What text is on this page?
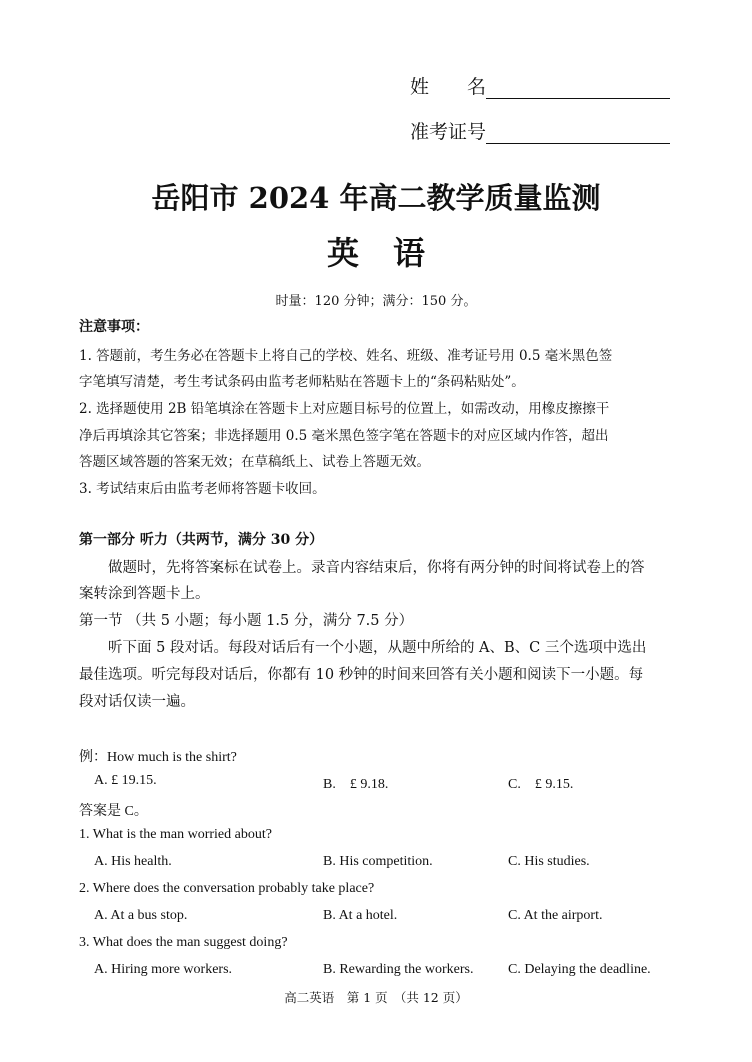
姓　　名
准考证号
岳阳市 2024 年高二教学质量监测
英语
时量：120 分钟；满分：150 分。
注意事项：
1. 答题前，考生务必在答题卡上将自己的学校、姓名、班级、准考证号用 0.5 毫米黑色签
字笔填写清楚，考生考试条码由监考老师粘贴在答题卡上的“条码粘贴处”。
2. 选择题使用 2B 铅笔填涂在答题卡上对应题目标号的位置上，如需改动，用橡皮擦擦干
净后再填涂其它答案；非选择题用 0.5 毫米黑色签字笔在答题卡的对应区域内作答，超出
答题区域答题的答案无效；在草稿纸上、试卷上答题无效。
3. 考试结束后由监考老师将答题卡收回。
第一部分 听力（共两节，满分 30 分）
做题时，先将答案标在试卷上。录音内容结束后，你将有两分钟的时间将试卷上的答
案转涂到答题卡上。
第一节 （共 5 小题；每小题 1.5 分，满分 7.5 分）
听下面 5 段对话。每段对话后有一个小题，从题中所给的 A、B、C 三个选项中选出
最佳选项。听完每段对话后，你都有 10 秒钟的时间来回答有关小题和阅读下一小题。每
段对话仅读一遍。
例：How much is the shirt?
A. £ 19.15.	B.　£ 9.18.	C.　£ 9.15.
答案是 C。
1. What is the man worried about?
A. His health.	B. His competition.	C. His studies.
2. Where does the conversation probably take place?
A. At a bus stop.	B. At a hotel.	C. At the airport.
3. What does the man suggest doing?
A. Hiring more workers.	B. Rewarding the workers. C. Delaying the deadline.
高二英语　第 1 页　（共 12 页）
